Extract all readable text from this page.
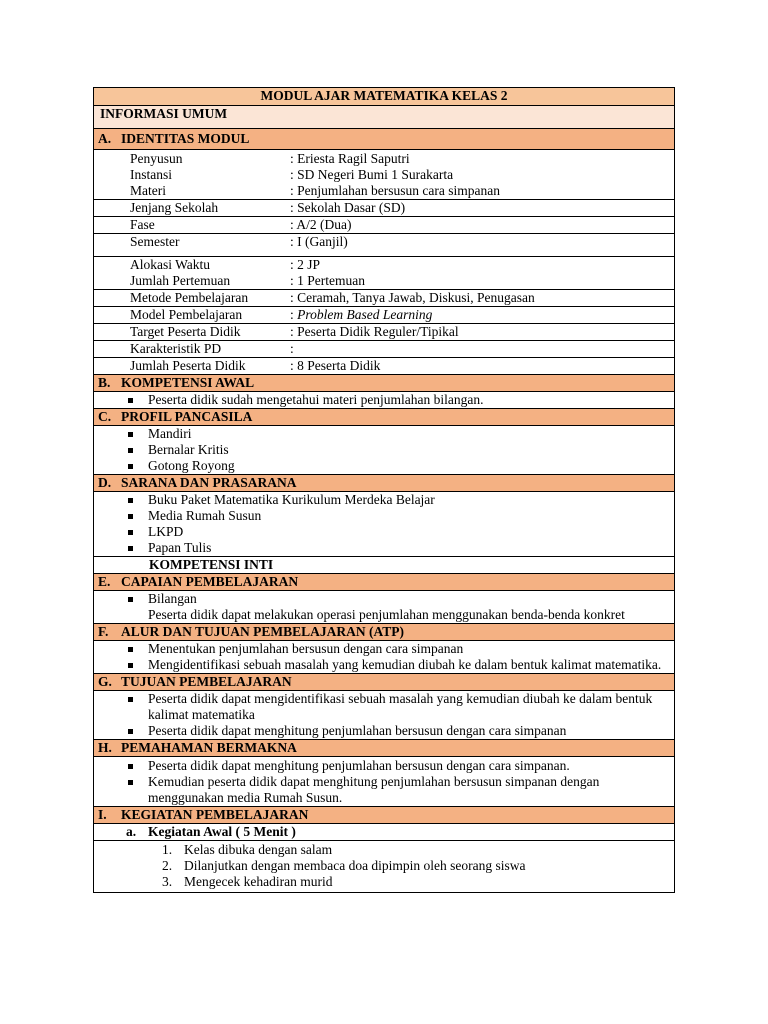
MODUL AJAR MATEMATIKA KELAS 2
INFORMASI UMUM
A. IDENTITAS MODUL

Penyusun	: Eriesta Ragil Saputri
Instansi	: SD Negeri Bumi 1 Surakarta
Materi	: Penjumlahan bersusun cara simpanan

Jenjang Sekolah	: Sekolah Dasar (SD)

Fase	: A/2 (Dua)

Semester	: I (Ganjil)

Alokasi Waktu	: 2 JP
Jumlah Pertemuan	: 1 Pertemuan

Metode Pembelajaran	: Ceramah, Tanya Jawab, Diskusi, Penugasan

Model Pembelajaran	: Problem Based Learning

Target Peserta Didik	: Peserta Didik Reguler/Tipikal

Karakteristik PD	:

Jumlah Peserta Didik	: 8 Peserta Didik

B. KOMPETENSI AWAL

Peserta didik sudah mengetahui materi penjumlahan bilangan.

C. PROFIL PANCASILA

Mandiri
Bernalar Kritis
Gotong Royong

D. SARANA DAN PRASARANA

Buku Paket Matematika Kurikulum Merdeka Belajar
Media Rumah Susun
LKPD
Papan Tulis

KOMPETENSI INTI
E. CAPAIAN PEMBELAJARAN

Bilangan
Peserta didik dapat melakukan operasi penjumlahan menggunakan benda-benda konkret

F. ALUR DAN TUJUAN PEMBELAJARAN (ATP)

Menentukan penjumlahan bersusun dengan cara simpanan
Mengidentifikasi sebuah masalah yang kemudian diubah ke dalam bentuk kalimat matematika.

G. TUJUAN PEMBELAJARAN

Peserta didik dapat mengidentifikasi sebuah masalah yang kemudian diubah ke dalam bentuk kalimat matematika
Peserta didik dapat menghitung penjumlahan bersusun dengan cara simpanan

H. PEMAHAMAN BERMAKNA

Peserta didik dapat menghitung penjumlahan bersusun dengan cara simpanan.
Kemudian peserta didik dapat menghitung penjumlahan bersusun simpanan dengan menggunakan media Rumah Susun.

I. KEGIATAN PEMBELAJARAN
a. Kegiatan Awal ( 5 Menit )

1. Kelas dibuka dengan salam
2. Dilanjutkan dengan membaca doa dipimpin oleh seorang siswa
3. Mengecek kehadiran murid
